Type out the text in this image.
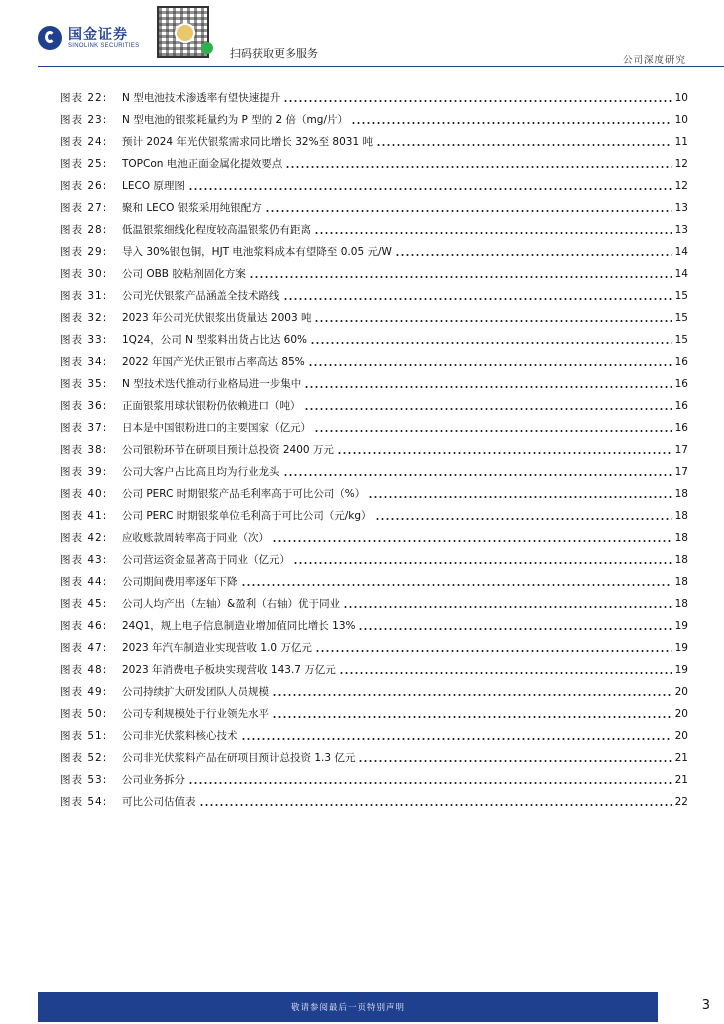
国金证券
SINOLINK SECURITIES
扫码获取更多服务
公司深度研究
图表 22:	N 型电池技术渗透率有望快速提升	10
图表 23:	N 型电池的银浆耗量约为 P 型的 2 倍（mg/片）	10
图表 24:	预计 2024 年光伏银浆需求同比增长 32%至 8031 吨	11
图表 25:	TOPCon 电池正面金属化提效要点	12
图表 26:	LECO 原理图	12
图表 27:	聚和 LECO 银浆采用纯银配方	13
图表 28:	低温银浆细线化程度较高温银浆仍有距离	13
图表 29:	导入 30%银包铜，HJT 电池浆料成本有望降至 0.05 元/W	14
图表 30:	公司 OBB 胶粘剂固化方案	14
图表 31:	公司光伏银浆产品涵盖全技术路线	15
图表 32:	2023 年公司光伏银浆出货量达 2003 吨	15
图表 33:	1Q24，公司 N 型浆料出货占比达 60%	15
图表 34:	2022 年国产光伏正银市占率高达 85%	16
图表 35:	N 型技术迭代推动行业格局进一步集中	16
图表 36:	正面银浆用球状银粉仍依赖进口（吨）	16
图表 37:	日本是中国银粉进口的主要国家（亿元）	16
图表 38:	公司银粉环节在研项目预计总投资 2400 万元	17
图表 39:	公司大客户占比高且均为行业龙头	17
图表 40:	公司 PERC 时期银浆产品毛利率高于可比公司（%）	18
图表 41:	公司 PERC 时期银浆单位毛利高于可比公司（元/kg）	18
图表 42:	应收账款周转率高于同业（次）	18
图表 43:	公司营运资金显著高于同业（亿元）	18
图表 44:	公司期间费用率逐年下降	18
图表 45:	公司人均产出（左轴）&盈利（右轴）优于同业	18
图表 46:	24Q1，规上电子信息制造业增加值同比增长 13%	19
图表 47:	2023 年汽车制造业实现营收 1.0 万亿元	19
图表 48:	2023 年消费电子板块实现营收 143.7 万亿元	19
图表 49:	公司持续扩大研发团队人员规模	20
图表 50:	公司专利规模处于行业领先水平	20
图表 51:	公司非光伏浆料核心技术	20
图表 52:	公司非光伏浆料产品在研项目预计总投资 1.3 亿元	21
图表 53:	公司业务拆分	21
图表 54:	可比公司估值表	22
敬请参阅最后一页特别声明	3
